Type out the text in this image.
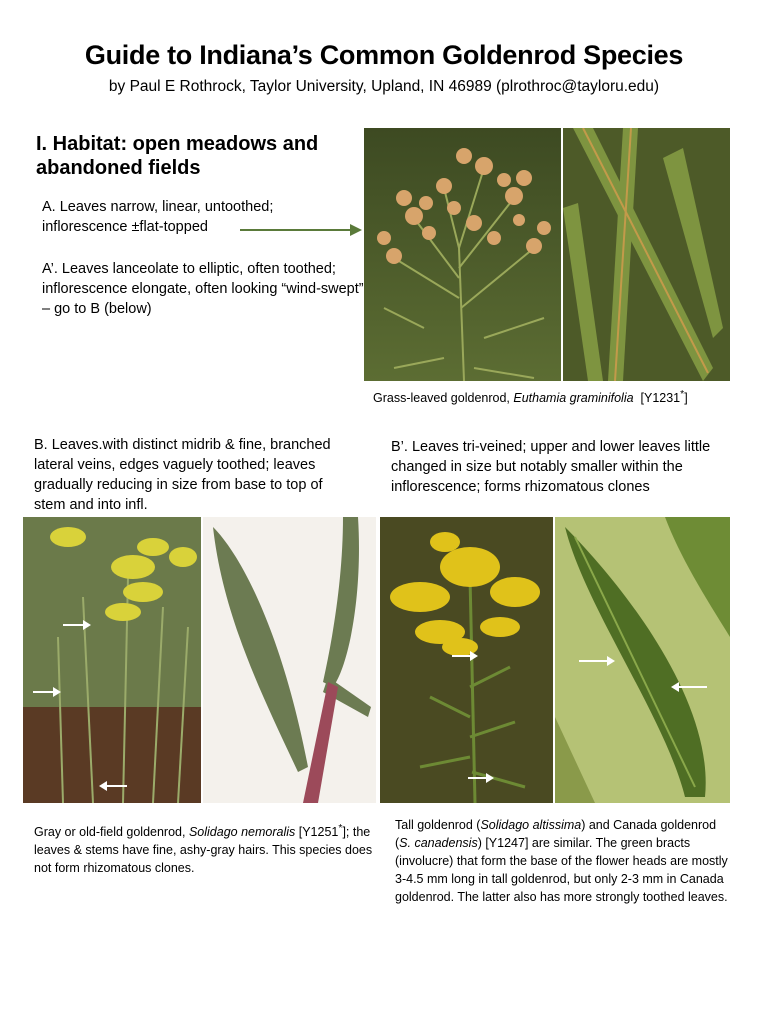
Guide to Indiana’s Common Goldenrod Species
by Paul E Rothrock, Taylor University, Upland, IN 46989 (plrothroc@tayloru.edu)
I. Habitat: open meadows and abandoned fields
A. Leaves narrow, linear, untoothed; inflorescence ±flat-topped
A’. Leaves lanceolate to elliptic, often toothed; inflorescence elongate, often looking “wind-swept” – go to B (below)
Grass-leaved goldenrod, Euthamia graminifolia [Y1231*]
B. Leaves.with distinct midrib & fine, branched lateral veins, edges vaguely toothed; leaves gradually reducing in size from base to top of stem and into infl.
B’. Leaves tri-veined; upper and lower leaves little changed in size but notably smaller within the inflorescence; forms rhizomatous clones
Gray or old-field goldenrod, Solidago nemoralis [Y1251*]; the leaves & stems have fine, ashy-gray hairs. This species does not form rhizomatous clones.
Tall goldenrod (Solidago altissima) and Canada goldenrod (S. canadensis) [Y1247] are similar. The green bracts (involucre) that form the base of the flower heads are mostly 3-4.5 mm long in tall goldenrod, but only 2-3 mm in Canada goldenrod. The latter also has more strongly toothed leaves.
